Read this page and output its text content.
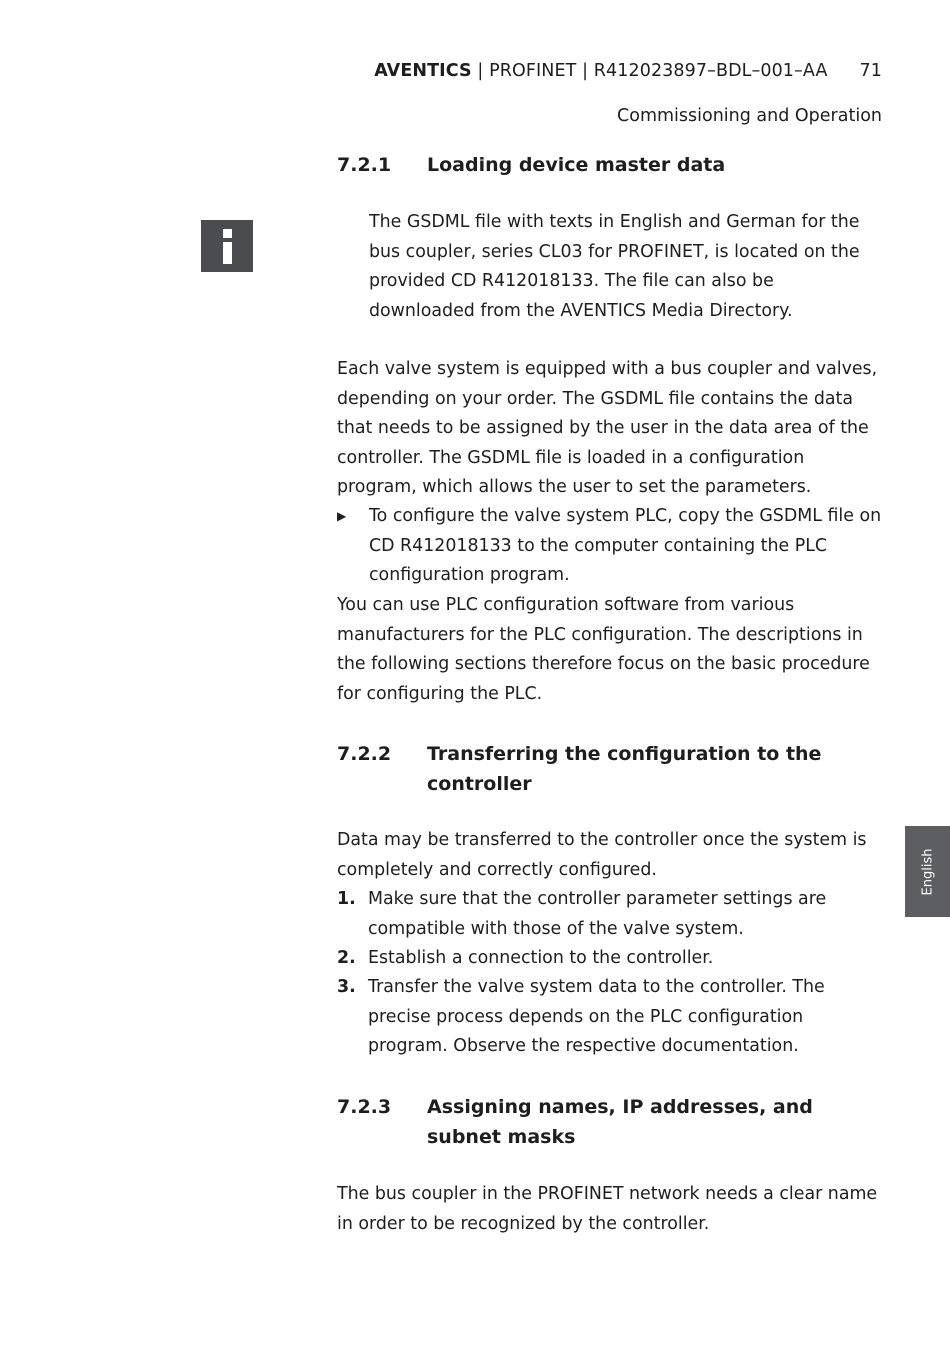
AVENTICS | PROFINET | R412023897–BDL–001–AA 71
Commissioning and Operation
7.2.1 Loading device master data

The GSDML file with texts in English and German for the bus coupler, series CL03 for PROFINET, is located on the provided CD R412018133. The file can also be downloaded from the AVENTICS Media Directory.

Each valve system is equipped with a bus coupler and valves, depending on your order. The GSDML file contains the data that needs to be assigned by the user in the data area of the controller. The GSDML file is loaded in a configuration program, which allows the user to set the parameters.

▶ To configure the valve system PLC, copy the GSDML file on CD R412018133 to the computer containing the PLC configuration program.

You can use PLC configuration software from various manufacturers for the PLC configuration. The descriptions in the following sections therefore focus on the basic procedure for configuring the PLC.

7.2.2 Transferring the configuration to the controller

Data may be transferred to the controller once the system is completely and correctly configured.

1. Make sure that the controller parameter settings are compatible with those of the valve system.
2. Establish a connection to the controller.
3. Transfer the valve system data to the controller. The precise process depends on the PLC configuration program. Observe the respective documentation.
7.2.3 Assigning names, IP addresses, and subnet masks

The bus coupler in the PROFINET network needs a clear name in order to be recognized by the controller.

English
